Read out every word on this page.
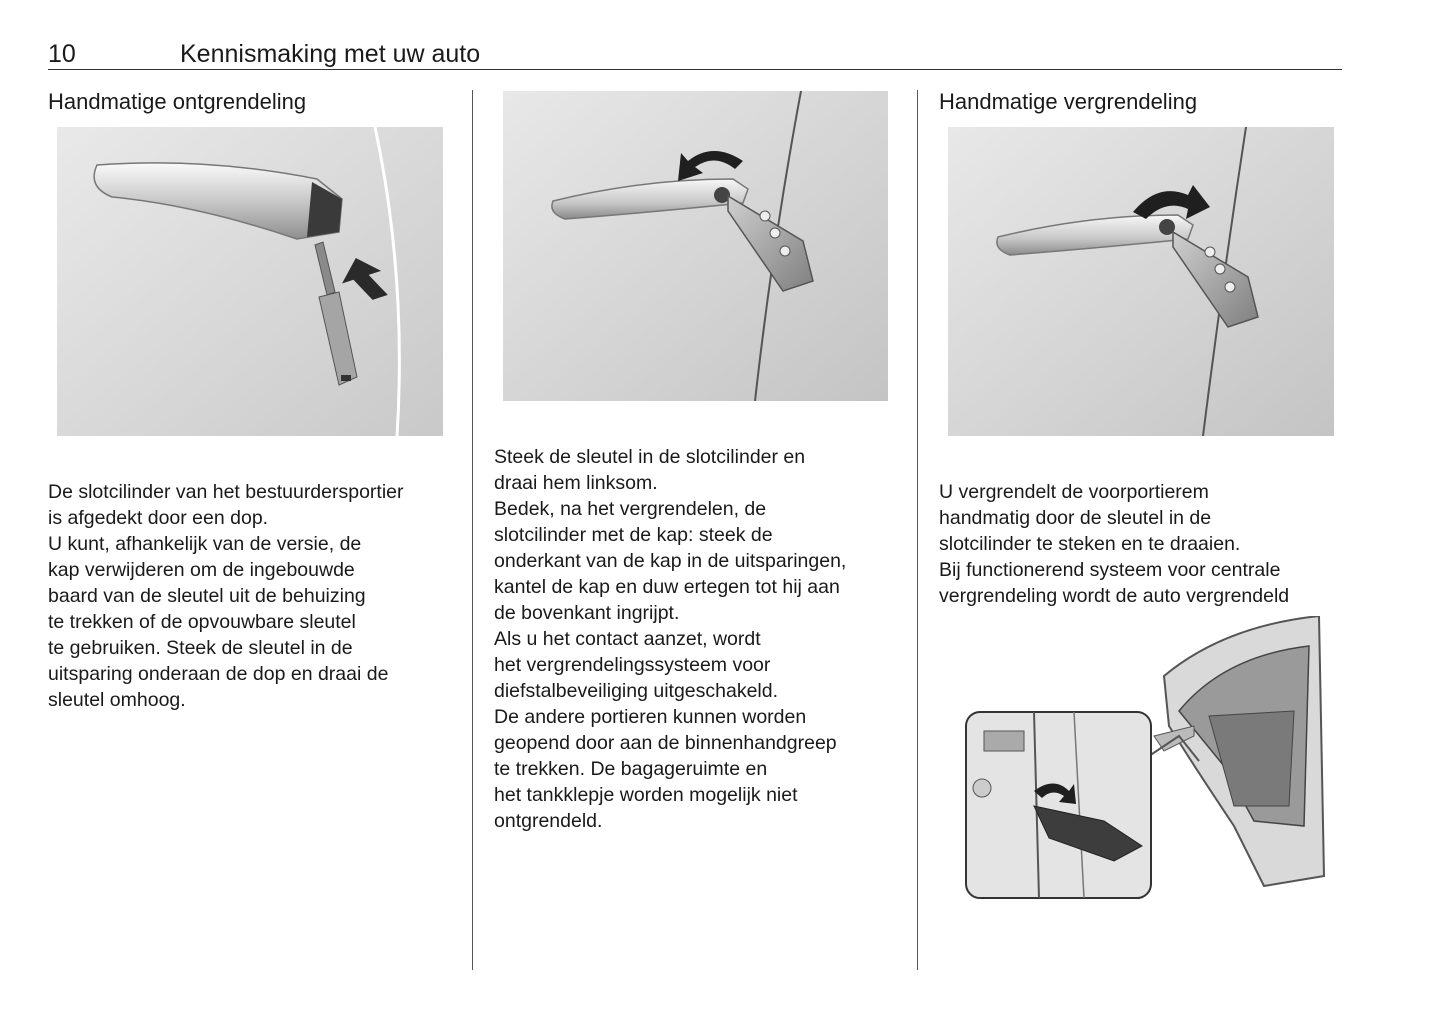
10	Kennismaking met uw auto
Handmatige ontgrendeling
De slotcilinder van het bestuurdersportier
is afgedekt door een dop.
U kunt, afhankelijk van de versie, de
kap verwijderen om de ingebouwde
baard van de sleutel uit de behuizing
te trekken of de opvouwbare sleutel
te gebruiken. Steek de sleutel in de
uitsparing onderaan de dop en draai de
sleutel omhoog.
Steek de sleutel in de slotcilinder en
draai hem linksom.
Bedek, na het vergrendelen, de
slotcilinder met de kap: steek de
onderkant van de kap in de uitsparingen,
kantel de kap en duw ertegen tot hij aan
de bovenkant ingrijpt.
Als u het contact aanzet, wordt
het vergrendelingssysteem voor
diefstalbeveiliging uitgeschakeld.
De andere portieren kunnen worden
geopend door aan de binnenhandgreep
te trekken. De bagageruimte en
het tankklepje worden mogelijk niet
ontgrendeld.
Handmatige vergrendeling
U vergrendelt de voorportierem
handmatig door de sleutel in de
slotcilinder te steken en te draaien.
Bij functionerend systeem voor centrale
vergrendeling wordt de auto vergrendeld
